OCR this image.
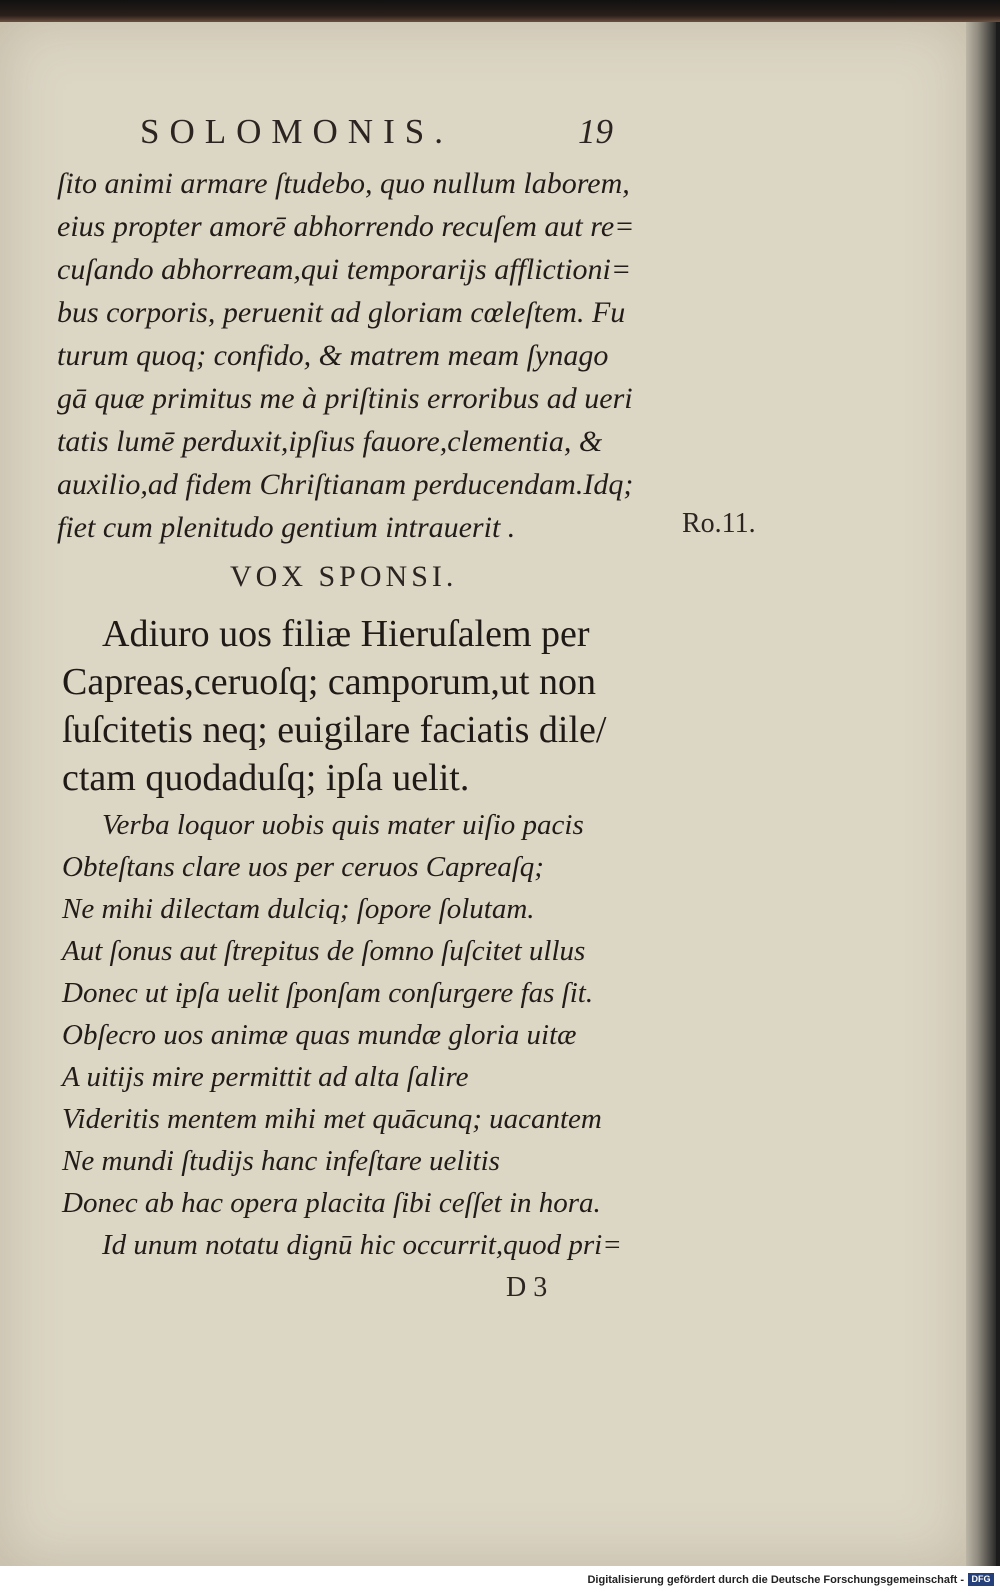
SOLOMONIS.	19
ſito animi armare ſtudebo, quo nullum laborem,
eius propter amorē abhorrendo recuſem aut re=
cuſando abhorream,qui temporarijs afflictioni=
bus corporis, peruenit ad gloriam cœleſtem. Fu
turum quoq; confido, & matrem meam ſynago
gā quæ primitus me à priſtinis erroribus ad ueri
tatis lumē perduxit,ipſius fauore,clementia, &
auxilio,ad fidem Chriſtianam perducendam.Idq;
fiet cum plenitudo gentium intrauerit .	Ro.11.
VOX SPONSI.
Adiuro uos filiæ Hieruſalem per
Capreas,ceruoſq; camporum,ut non
ſuſcitetis neq; euigilare faciatis dile/
ctam quodaduſq; ipſa uelit.
Verba loquor uobis quis mater uiſio pacis
Obteſtans clare uos per ceruos Capreaſq;
Ne mihi dilectam dulciq; ſopore ſolutam.
Aut ſonus aut ſtrepitus de ſomno ſuſcitet ullus
Donec ut ipſa uelit ſponſam conſurgere fas ſit.
Obſecro uos animæ quas mundæ gloria uitæ
A uitijs mire permittit ad alta ſalire
Videritis mentem mihi met quācunq; uacantem
Ne mundi ſtudijs hanc infeſtare uelitis
Donec ab hac opera placita ſibi ceſſet in hora.
Id unum notatu dignū hic occurrit,quod pri=
D 3
Digitalisierung gefördert durch die Deutsche Forschungsgemeinschaft - DFG
